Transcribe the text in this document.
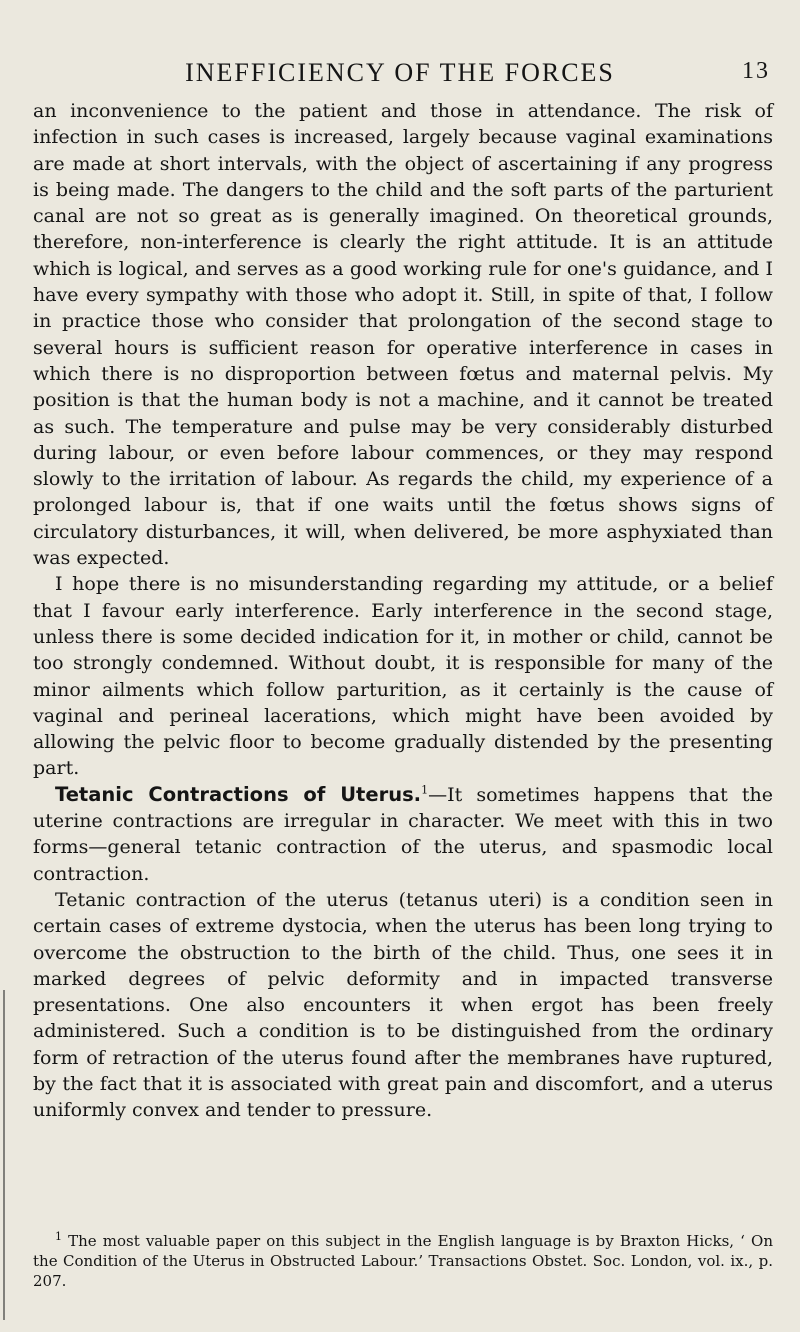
INEFFICIENCY OF THE FORCES	13

an inconvenience to the patient and those in attendance. The risk of infection in such cases is increased, largely because vaginal examinations are made at short intervals, with the object of ascertaining if any progress is being made. The dangers to the child and the soft parts of the parturient canal are not so great as is generally imagined. On theoretical grounds, therefore, non-interference is clearly the right attitude. It is an attitude which is logical, and serves as a good working rule for one's guidance, and I have every sympathy with those who adopt it. Still, in spite of that, I follow in practice those who consider that prolongation of the second stage to several hours is sufficient reason for operative interference in cases in which there is no disproportion between fœtus and maternal pelvis. My position is that the human body is not a machine, and it cannot be treated as such. The temperature and pulse may be very considerably disturbed during labour, or even before labour commences, or they may respond slowly to the irritation of labour. As regards the child, my experience of a prolonged labour is, that if one waits until the fœtus shows signs of circulatory disturbances, it will, when delivered, be more asphyxiated than was expected.

I hope there is no misunderstanding regarding my attitude, or a belief that I favour early interference. Early interference in the second stage, unless there is some decided indication for it, in mother or child, cannot be too strongly condemned. Without doubt, it is responsible for many of the minor ailments which follow parturition, as it certainly is the cause of vaginal and perineal lacerations, which might have been avoided by allowing the pelvic floor to become gradually distended by the presenting part.

Tetanic Contractions of Uterus.$^1$—It sometimes happens that the uterine contractions are irregular in character. We meet with this in two forms—general tetanic contraction of the uterus, and spasmodic local contraction.

Tetanic contraction of the uterus (tetanus uteri) is a condition seen in certain cases of extreme dystocia, when the uterus has been long trying to overcome the obstruction to the birth of the child. Thus, one sees it in marked degrees of pelvic deformity and in impacted transverse presentations. One also encounters it when ergot has been freely administered. Such a condition is to be distinguished from the ordinary form of retraction of the uterus found after the membranes have ruptured, by the fact that it is associated with great pain and discomfort, and a uterus uniformly convex and tender to pressure.

$^1$ The most valuable paper on this subject in the English language is by Braxton Hicks, ‘ On the Condition of the Uterus in Obstructed Labour.’ Transactions Obstet. Soc. London, vol. ix., p. 207.
